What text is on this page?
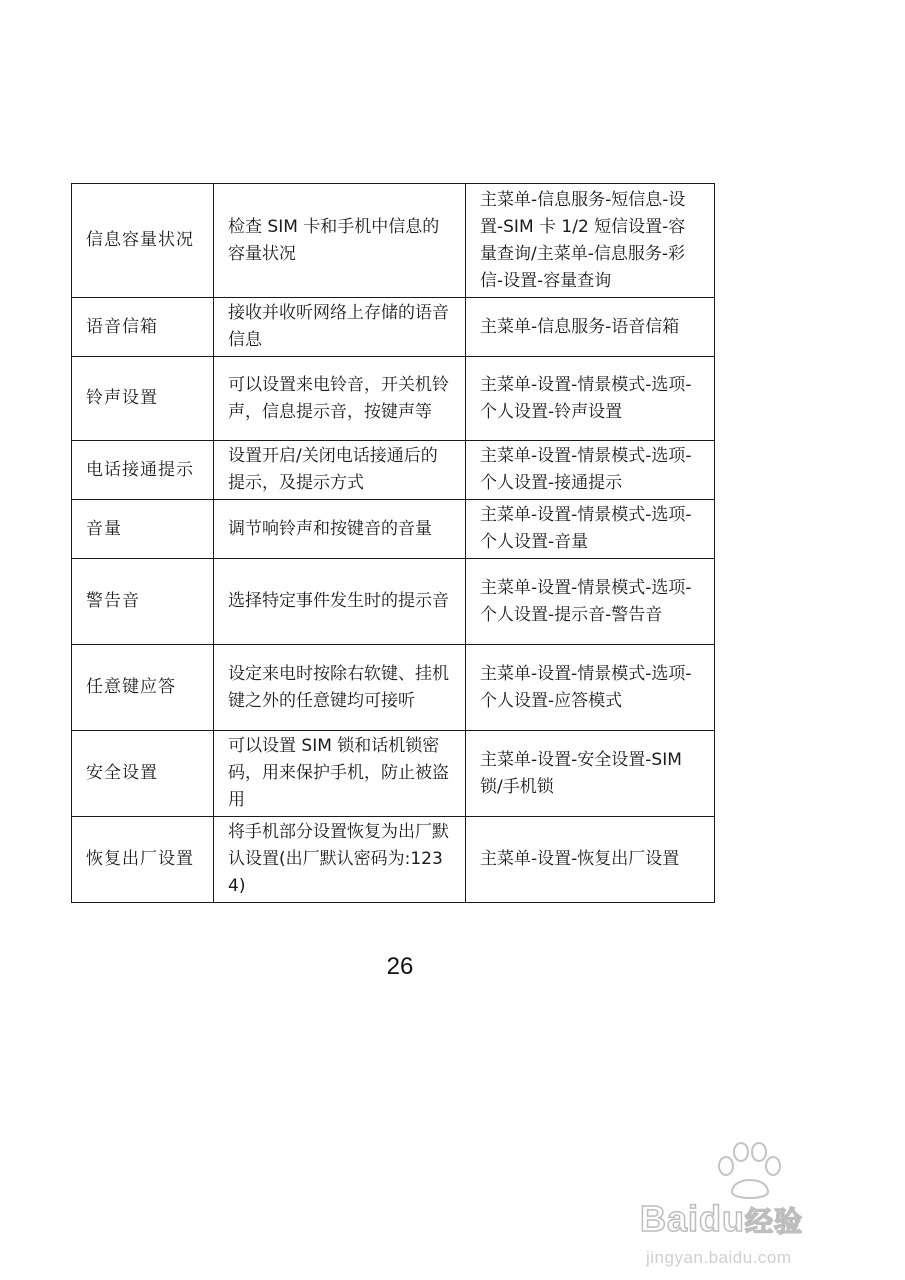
信息容量状况	检查 SIM 卡和手机中信息的容量状况	主菜单-信息服务-短信息-设置-SIM 卡 1/2 短信设置-容量查询/主菜单-信息服务-彩信-设置-容量查询
语音信箱	接收并收听网络上存储的语音信息	主菜单-信息服务-语音信箱
铃声设置	可以设置来电铃音，开关机铃声，信息提示音，按键声等	主菜单-设置-情景模式-选项-个人设置-铃声设置
电话接通提示	设置开启/关闭电话接通后的提示，及提示方式	主菜单-设置-情景模式-选项-个人设置-接通提示
音量	调节响铃声和按键音的音量	主菜单-设置-情景模式-选项-个人设置-音量
警告音	选择特定事件发生时的提示音	主菜单-设置-情景模式-选项-个人设置-提示音-警告音
任意键应答	设定来电时按除右软键、挂机键之外的任意键均可接听	主菜单-设置-情景模式-选项-个人设置-应答模式
安全设置	可以设置 SIM 锁和话机锁密码，用来保护手机，防止被盗用	主菜单-设置-安全设置-SIM 锁/手机锁
恢复出厂设置	将手机部分设置恢复为出厂默认设置(出厂默认密码为:1234)	主菜单-设置-恢复出厂设置
26
Baidu经验
jingyan.baidu.com
